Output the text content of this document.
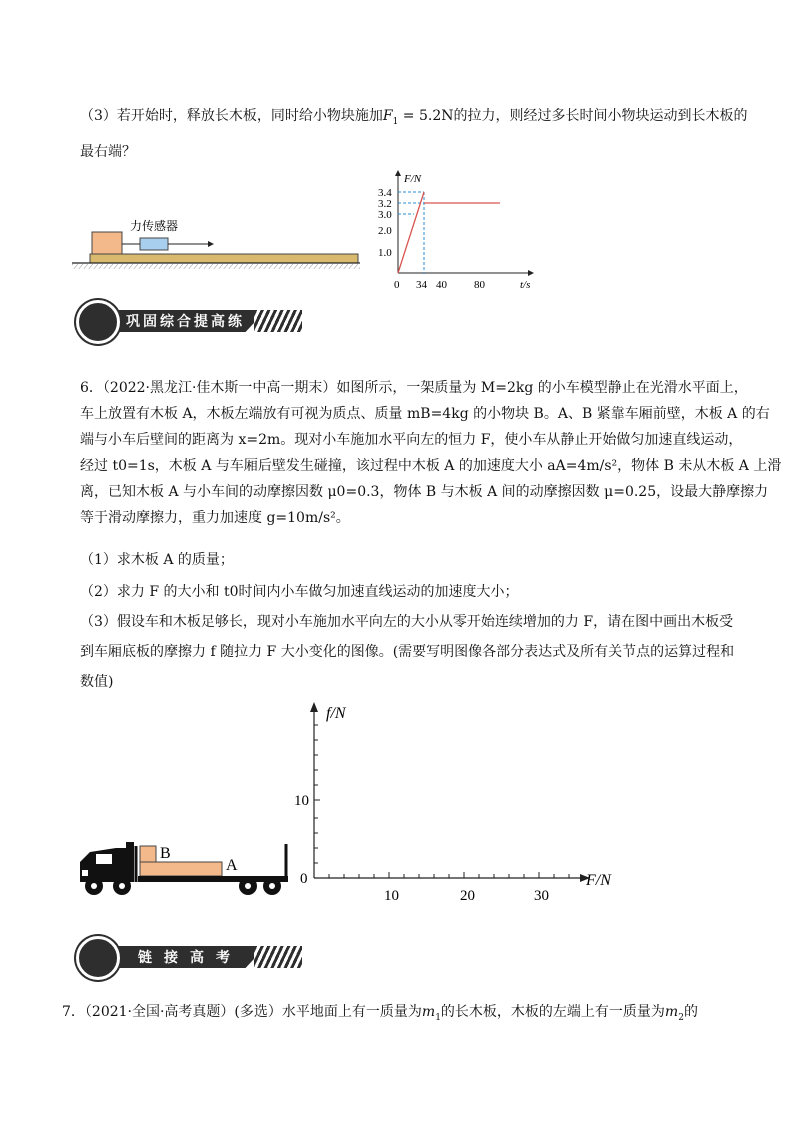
（3）若开始时，释放长木板，同时给小物块施加$F_1 = 5.2N$的拉力，则经过多长时间小物块运动到长木板的
最右端？
力传感器
F/N
t/s
3.4
3.2
3.0
2.0
1.0
0 34 40 80
巩固综合提高练
6．（2022·黑龙江·佳木斯一中高一期末）如图所示，一架质量为 M=2kg 的小车模型静止在光滑水平面上，
车上放置有木板 A，木板左端放有可视为质点、质量 mB=4kg 的小物块 B。A、B 紧靠车厢前壁，木板 A 的右
端与小车后壁间的距离为 x=2m。现对小车施加水平向左的恒力 F，使小车从静止开始做匀加速直线运动，
经过 t0=1s，木板 A 与车厢后壁发生碰撞，该过程中木板 A 的加速度大小 aA=4m/s²，物体 B 未从木板 A 上滑
离，已知木板 A 与小车间的动摩擦因数 μ0=0.3，物体 B 与木板 A 间的动摩擦因数 μ=0.25，设最大静摩擦力
等于滑动摩擦力，重力加速度 g=10m/s²。
（1）求木板 A 的质量；
（2）求力 F 的大小和 t0时间内小车做匀加速直线运动的加速度大小；
（3）假设车和木板足够长，现对小车施加水平向左的大小从零开始连续增加的力 F，请在图中画出木板受
到车厢底板的摩擦力 f 随拉力 F 大小变化的图像。(需要写明图像各部分表达式及所有关节点的运算过程和
数值)
B
A
f/N
F/N
10
0
10	20	30
链接高考
7．（2021·全国·高考真题）(多选）水平地面上有一质量为$m_1$的长木板，木板的左端上有一质量为$m_2$的
